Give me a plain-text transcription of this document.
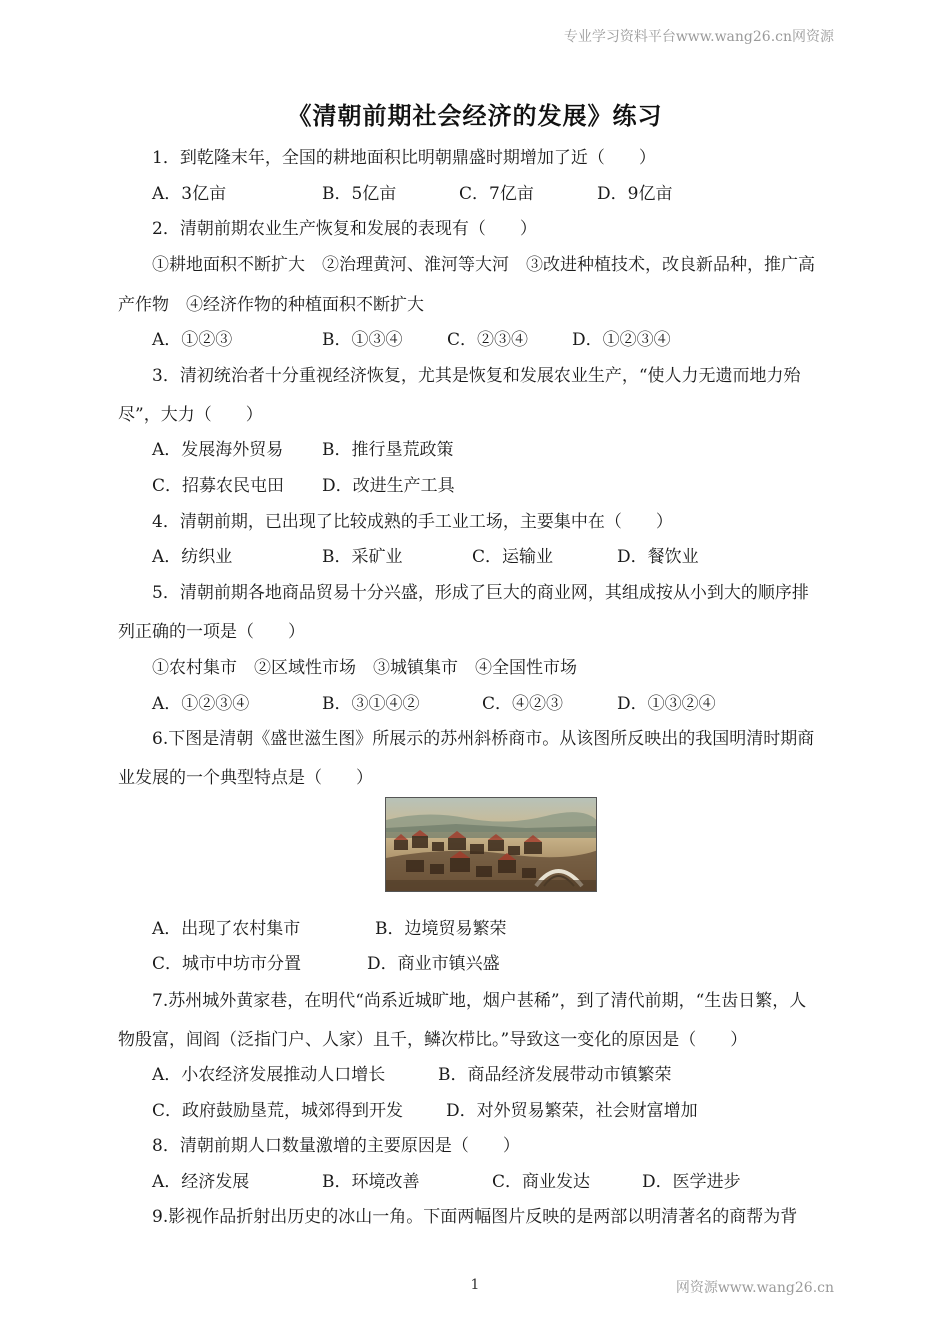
专业学习资料平台www.wang26.cn网资源
《清朝前期社会经济的发展》练习
1．到乾隆末年，全国的耕地面积比明朝鼎盛时期增加了近（　　）
A．3亿亩	B．5亿亩	C．7亿亩	D．9亿亩
2．清朝前期农业生产恢复和发展的表现有（　　）
①耕地面积不断扩大　②治理黄河、淮河等大河　③改进种植技术，改良新品种，推广高
产作物　④经济作物的种植面积不断扩大
A．①②③	B．①③④	C．②③④	D．①②③④
3．清初统治者十分重视经济恢复，尤其是恢复和发展农业生产，“使人力无遗而地力殆
尽”，大力（　　）
A．发展海外贸易 B．推行垦荒政策
C．招募农民屯田 D．改进生产工具
4．清朝前期，已出现了比较成熟的手工业工场，主要集中在（　　）
A．纺织业	B．采矿业	C．运输业	D．餐饮业
5．清朝前期各地商品贸易十分兴盛，形成了巨大的商业网，其组成按从小到大的顺序排
列正确的一项是（　　）
①农村集市　②区域性市场　③城镇集市　④全国性市场
A．①②③④	B．③①④②	C．④②③	D．①③②④
6.下图是清朝《盛世滋生图》所展示的苏州斜桥商市。从该图所反映出的我国明清时期商
业发展的一个典型特点是（　　）
A．出现了农村集市	B．边境贸易繁荣
C．城市中坊市分置	D．商业市镇兴盛
7.苏州城外黄家巷，在明代“尚系近城旷地，烟户甚稀”，到了清代前期，“生齿日繁，人
物殷富，闾阎（泛指门户、人家）且千，鳞次栉比。”导致这一变化的原因是（　　）
A．小农经济发展推动人口增长	B．商品经济发展带动市镇繁荣
C．政府鼓励垦荒，城郊得到开发	D．对外贸易繁荣，社会财富增加
8．清朝前期人口数量激增的主要原因是（　　）
A．经济发展	B．环境改善	C．商业发达	D．医学进步
9.影视作品折射出历史的冰山一角。下面两幅图片反映的是两部以明清著名的商帮为背
1	网资源www.wang26.cn
